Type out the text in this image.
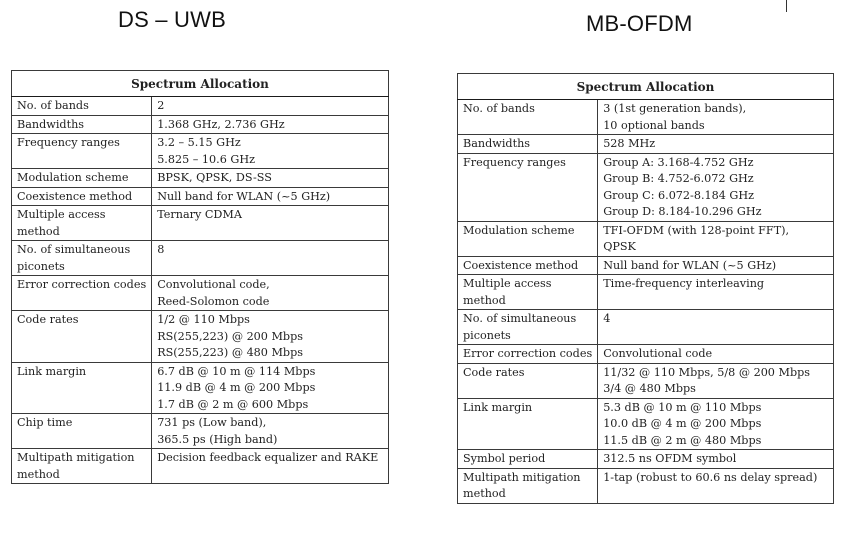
DS – UWB	MB-OFDM
Spectrum Allocation	

No. of bands	2

Bandwidths	1.368 GHz, 2.736 GHz

Frequency ranges	3.2 – 5.15 GHz
5.825 – 10.6 GHz

Modulation scheme	BPSK, QPSK, DS-SS

Coexistence method	Null band for WLAN (~5 GHz)

Multiple access
method	Ternary CDMA

No. of simultaneous
piconets	8

Error correction codes	Convolutional code,
Reed-Solomon code

Code rates	1/2 @ 110 Mbps
RS(255,223) @ 200 Mbps
RS(255,223) @ 480 Mbps

Link margin	6.7 dB @ 10 m @ 114 Mbps
11.9 dB @ 4 m @ 200 Mbps
1.7 dB @ 2 m @ 600 Mbps

Chip time	731 ps (Low band),
365.5 ps (High band)

Multipath mitigation
method	Decision feedback equalizer and RAKE
Spectrum Allocation	

No. of bands	3 (1st generation bands),
10 optional bands

Bandwidths	528 MHz

Frequency ranges	Group A: 3.168-4.752 GHz
Group B: 4.752-6.072 GHz
Group C: 6.072-8.184 GHz
Group D: 8.184-10.296 GHz

Modulation scheme	TFI-OFDM (with 128-point FFT),
QPSK

Coexistence method	Null band for WLAN (~5 GHz)

Multiple access
method	Time-frequency interleaving

No. of simultaneous
piconets	4

Error correction codes	Convolutional code

Code rates	11/32 @ 110 Mbps, 5/8 @ 200 Mbps
3/4 @ 480 Mbps

Link margin	5.3 dB @ 10 m @ 110 Mbps
10.0 dB @ 4 m @ 200 Mbps
11.5 dB @ 2 m @ 480 Mbps

Symbol period	312.5 ns OFDM symbol

Multipath mitigation
method	1-tap (robust to 60.6 ns delay spread)
